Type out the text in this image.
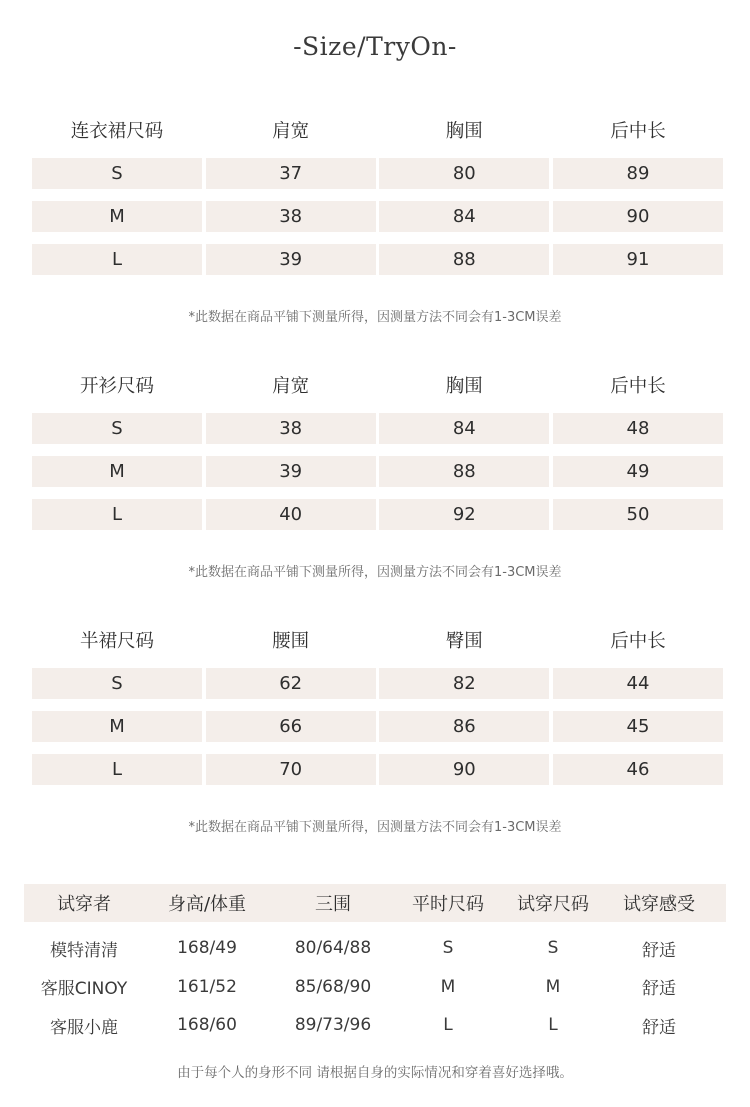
-Size/TryOn-
连衣裙尺码	肩宽	胸围	后中长
S	37	80	89
M	38	84	90
L	39	88	91
*此数据在商品平铺下测量所得，因测量方法不同会有1-3CM误差
开衫尺码	肩宽	胸围	后中长
S	38	84	48
M	39	88	49
L	40	92	50
*此数据在商品平铺下测量所得，因测量方法不同会有1-3CM误差
半裙尺码	腰围	臀围	后中长
S	62	82	44
M	66	86	45
L	70	90	46
*此数据在商品平铺下测量所得，因测量方法不同会有1-3CM误差
试穿者	身高/体重	三围	平时尺码	试穿尺码	试穿感受
模特清清	168/49	80/64/88	S	S	舒适
客服CINOY	161/52	85/68/90	M	M	舒适
客服小鹿	168/60	89/73/96	L	L	舒适
由于每个人的身形不同 请根据自身的实际情况和穿着喜好选择哦。
